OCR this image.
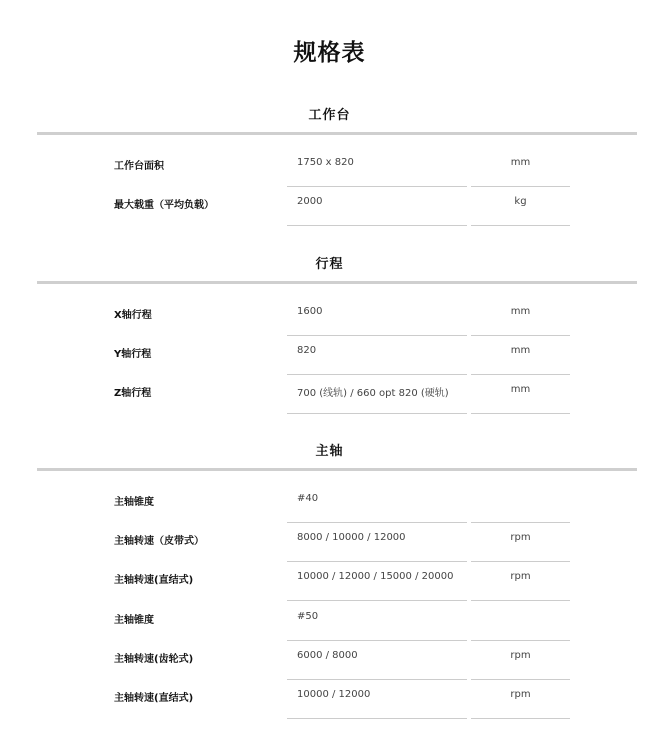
规格表
工作台
工作台面积	1750 x 820	mm
最大载重（平均负载）	2000	kg
行程
X轴行程	1600	mm
Y轴行程	820	mm
Z轴行程	700 (线轨) / 660 opt 820 (硬轨)	mm
主轴
主轴锥度	#40
主轴转速（皮带式）	8000 / 10000 / 12000	rpm
主轴转速(直结式)	10000 / 12000 / 15000 / 20000	rpm
主轴锥度	#50
主轴转速(齿轮式)	6000 / 8000	rpm
主轴转速(直结式)	10000 / 12000	rpm
